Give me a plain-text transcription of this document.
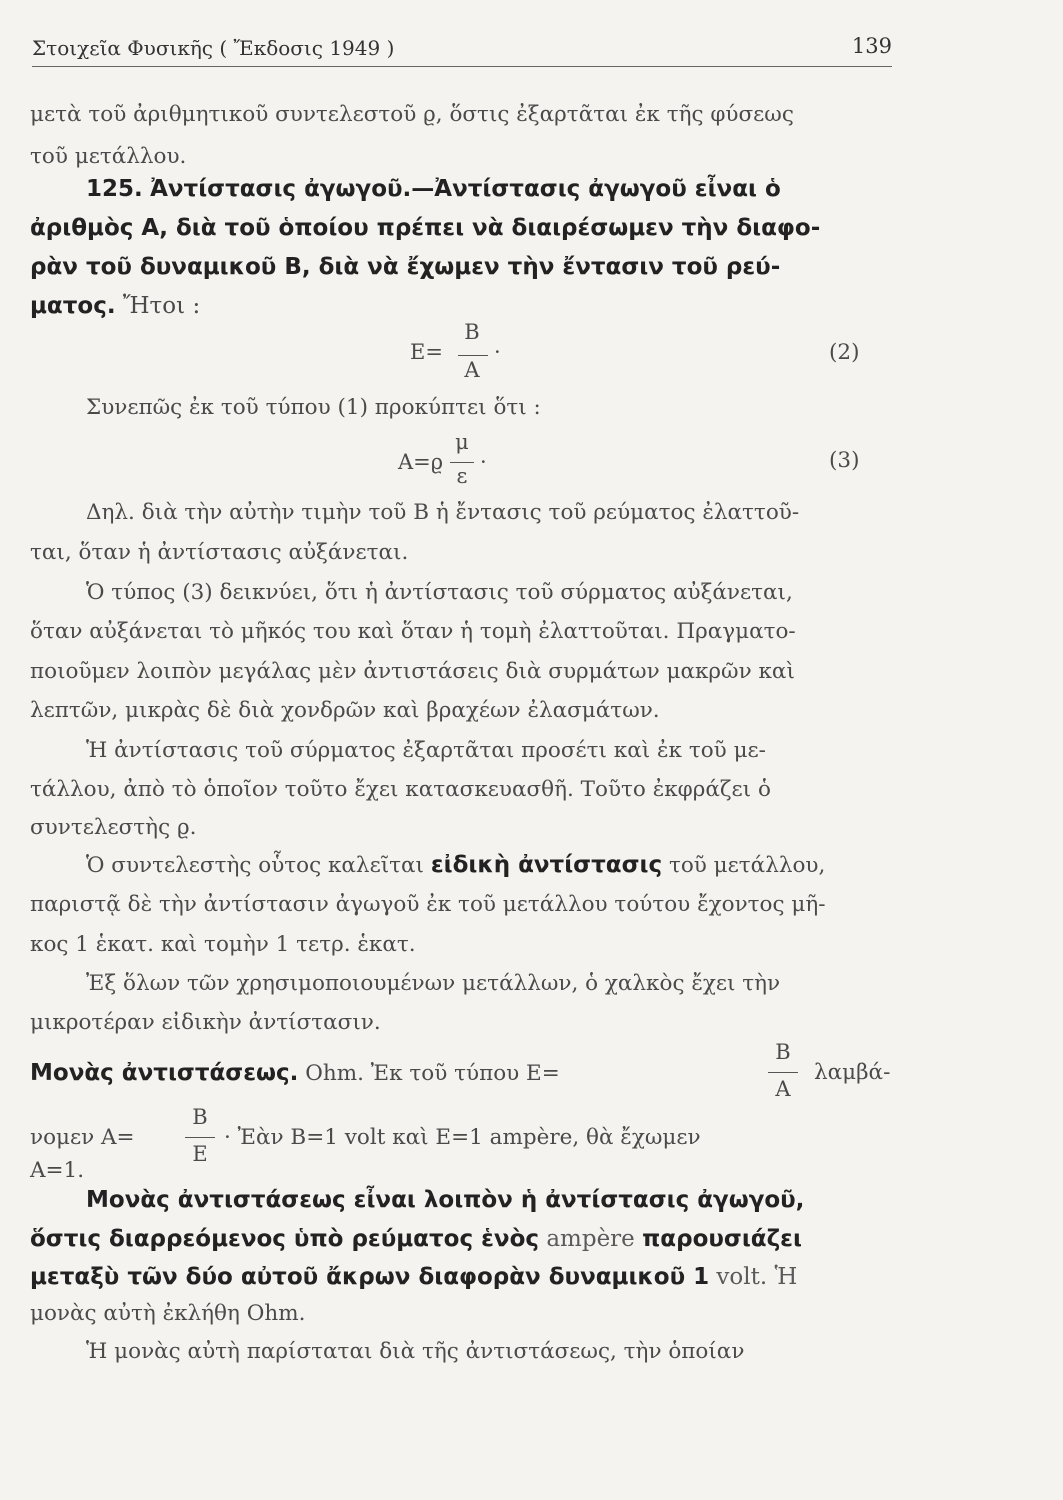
Στοιχεῖα Φυσικῆς ( Ἔκδοσις 1949 )	139
μετὰ τοῦ ἀριθμητικοῦ συντελεστοῦ ϱ, ὅστις ἐξαρτᾶται ἐκ τῆς φύσεως
τοῦ μετάλλου.
125. Ἀντίστασις ἀγωγοῦ.—Ἀντίστασις ἀγωγοῦ εἶναι ὁ
ἀριθμὸς Α, διὰ τοῦ ὁποίου πρέπει νὰ διαιρέσωμεν τὴν διαφο-
ρὰν τοῦ δυναμικοῦ Β, διὰ νὰ ἔχωμεν τὴν ἔντασιν τοῦ ρεύ-
ματος. Ἤτοι :
Ε=
Β
Α
·	(2)
Συνεπῶς ἐκ τοῦ τύπου (1) προκύπτει ὅτι :
Α=ϱ
μ
ε
·	(3)
Δηλ. διὰ τὴν αὐτὴν τιμὴν τοῦ Β ἡ ἔντασις τοῦ ρεύματος ἐλαττοῦ-
ται, ὅταν ἡ ἀντίστασις αὐξάνεται.
Ὁ τύπος (3) δεικνύει, ὅτι ἡ ἀντίστασις τοῦ σύρματος αὐξάνεται,
ὅταν αὐξάνεται τὸ μῆκός του καὶ ὅταν ἡ τομὴ ἐλαττοῦται. Πραγματο-
ποιοῦμεν λοιπὸν μεγάλας μὲν ἀντιστάσεις διὰ συρμάτων μακρῶν καὶ
λεπτῶν, μικρὰς δὲ διὰ χονδρῶν καὶ βραχέων ἐλασμάτων.
Ἡ ἀντίστασις τοῦ σύρματος ἐξαρτᾶται προσέτι καὶ ἐκ τοῦ με-
τάλλου, ἀπὸ τὸ ὁποῖον τοῦτο ἔχει κατασκευασθῆ. Τοῦτο ἐκφράζει ὁ
συντελεστὴς ϱ.
Ὁ συντελεστὴς οὗτος καλεῖται εἰδικὴ ἀντίστασις τοῦ μετάλλου,
παριστᾷ δὲ τὴν ἀντίστασιν ἀγωγοῦ ἐκ τοῦ μετάλλου τούτου ἔχοντος μῆ-
κος 1 ἑκατ. καὶ τομὴν 1 τετρ. ἑκατ.
Ἐξ ὅλων τῶν χρησιμοποιουμένων μετάλλων, ὁ χαλκὸς ἔχει τὴν
μικροτέραν εἰδικὴν ἀντίστασιν.
Μονὰς ἀντιστάσεως. Ohm. Ἐκ τοῦ τύπου Ε=
Β
Α
λαμβά-
νομεν Α=
Β
Ε
· Ἐὰν Β=1 volt καὶ Ε=1 ampère, θὰ ἔχωμεν
Α=1.
Μονὰς ἀντιστάσεως εἶναι λοιπὸν ἡ ἀντίστασις ἀγωγοῦ,
ὅστις διαρρεόμενος ὑπὸ ρεύματος ἑνὸς ampère παρουσιάζει
μεταξὺ τῶν δύο αὐτοῦ ἄκρων διαφορὰν δυναμικοῦ 1 volt. Ἡ
μονὰς αὐτὴ ἐκλήθη Ohm.
Ἡ μονὰς αὐτὴ παρίσταται διὰ τῆς ἀντιστάσεως, τὴν ὁποίαν
